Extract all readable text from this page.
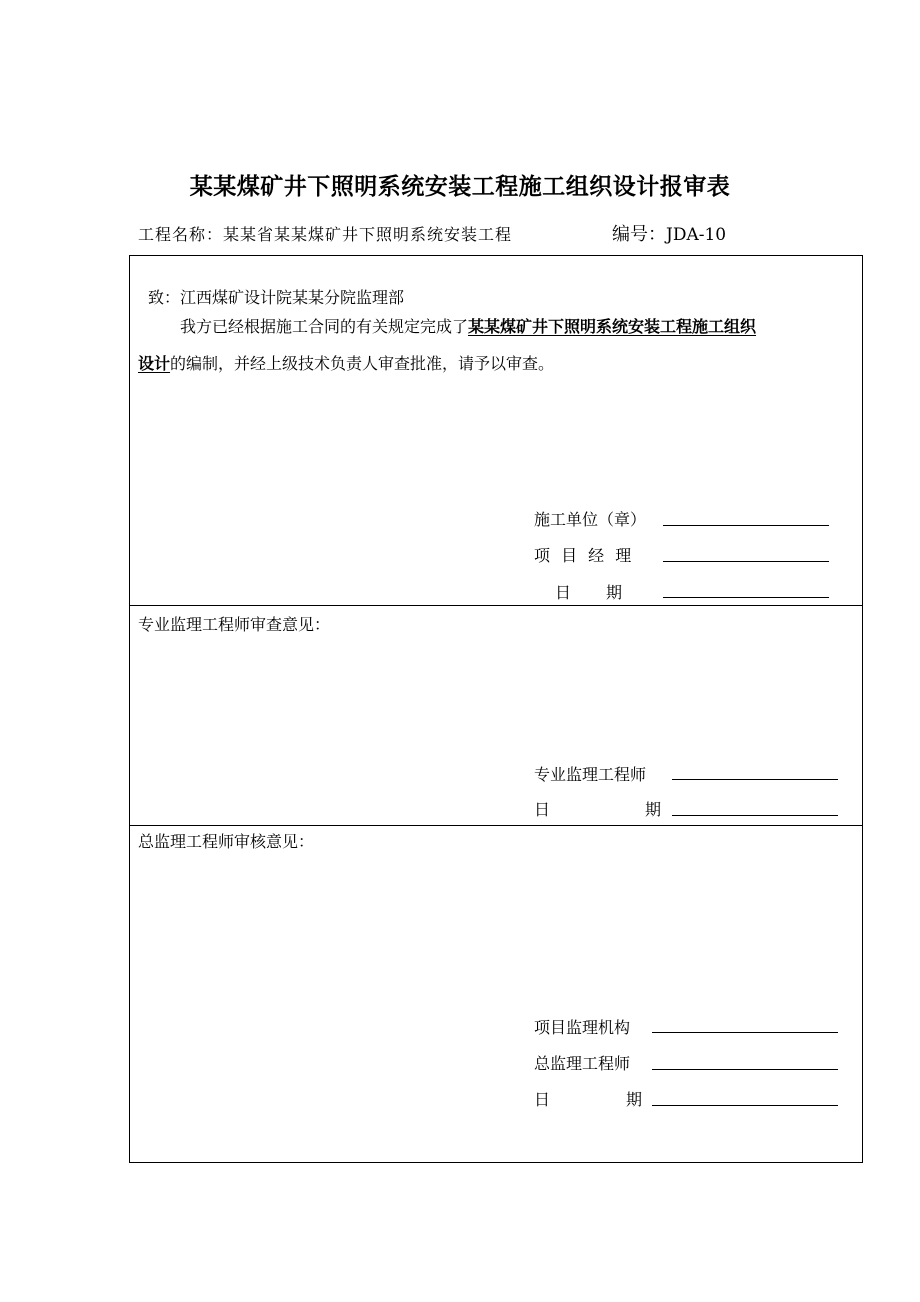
某某煤矿井下照明系统安装工程施工组织设计报审表
工程名称：某某省某某煤矿井下照明系统安装工程	编号：JDA-10
致：江西煤矿设计院某某分院监理部
我方已经根据施工合同的有关规定完成了某某煤矿井下照明系统安装工程施工组织
设计的编制，并经上级技术负责人审查批准，请予以审查。
施工单位（章）
项 目 经 理
日 期
专业监理工程师审查意见：
专业监理工程师
日	期
总监理工程师审核意见：
项目监理机构
总监理工程师
日	期
